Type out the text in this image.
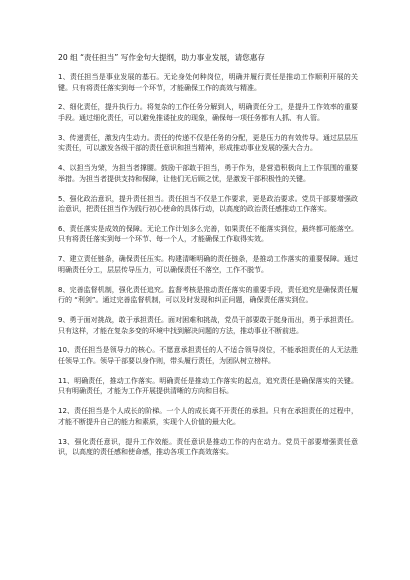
20 组 “责任担当” 写作金句大提纲，助力事业发展，请您惠存

1、责任担当是事业发展的基石。无论身处何种岗位，明确并履行责任是推动工作顺利开展的关键。只有将责任落实到每一个环节，才能确保工作的高效与精准。

2、细化责任，提升执行力。将复杂的工作任务分解到人，明确责任分工，是提升工作效率的重要手段。通过细化责任，可以避免推诿扯皮的现象，确保每一项任务都有人抓、有人管。

3、传递责任，激发内生动力。责任的传递不仅是任务的分配，更是压力的有效传导。通过层层压实责任，可以激发各级干部的责任意识和担当精神，形成推动事业发展的强大合力。

4、以担当为荣，为担当者撑腰。鼓励干部敢于担当，勇于作为，是营造积极向上工作氛围的重要举措。为担当者提供支持和保障，让他们无后顾之忧，是激发干部积极性的关键。

5、强化政治意识，提升责任担当。责任担当不仅是工作要求，更是政治要求。党员干部要增强政治意识，把责任担当作为践行初心使命的具体行动，以高度的政治责任感推动工作落实。

6、责任落实是成效的保障。无论工作计划多么完善，如果责任不能落实到位，最终都可能落空。只有将责任落实到每一个环节、每一个人，才能确保工作取得实效。

7、建立责任链条，确保责任压实。构建清晰明确的责任链条，是推动工作落实的重要保障。通过明确责任分工，层层传导压力，可以确保责任不落空，工作不脱节。

8、完善监督机制，强化责任追究。监督考核是推动责任落实的重要手段，责任追究是确保责任履行的 “利剑”。通过完善监督机制，可以及时发现和纠正问题，确保责任落实到位。

9、勇于面对挑战，敢于承担责任。面对困难和挑战，党员干部要敢于挺身而出，勇于承担责任。只有这样，才能在复杂多变的环境中找到解决问题的方法，推动事业不断前进。

10、责任担当是领导力的核心。不愿意承担责任的人不适合领导岗位，不能承担责任的人无法胜任领导工作。领导干部要以身作则，带头履行责任，为团队树立榜样。

11、明确责任，推动工作落实。明确责任是推动工作落实的起点，追究责任是确保落实的关键。只有明确责任，才能为工作开展提供清晰的方向和目标。

12、责任担当是个人成长的阶梯。一个人的成长离不开责任的承担。只有在承担责任的过程中，才能不断提升自己的能力和素质，实现个人价值的最大化。

13、强化责任意识，提升工作效能。责任意识是推动工作的内在动力。党员干部要增强责任意识，以高度的责任感和使命感，推动各项工作高效落实。
